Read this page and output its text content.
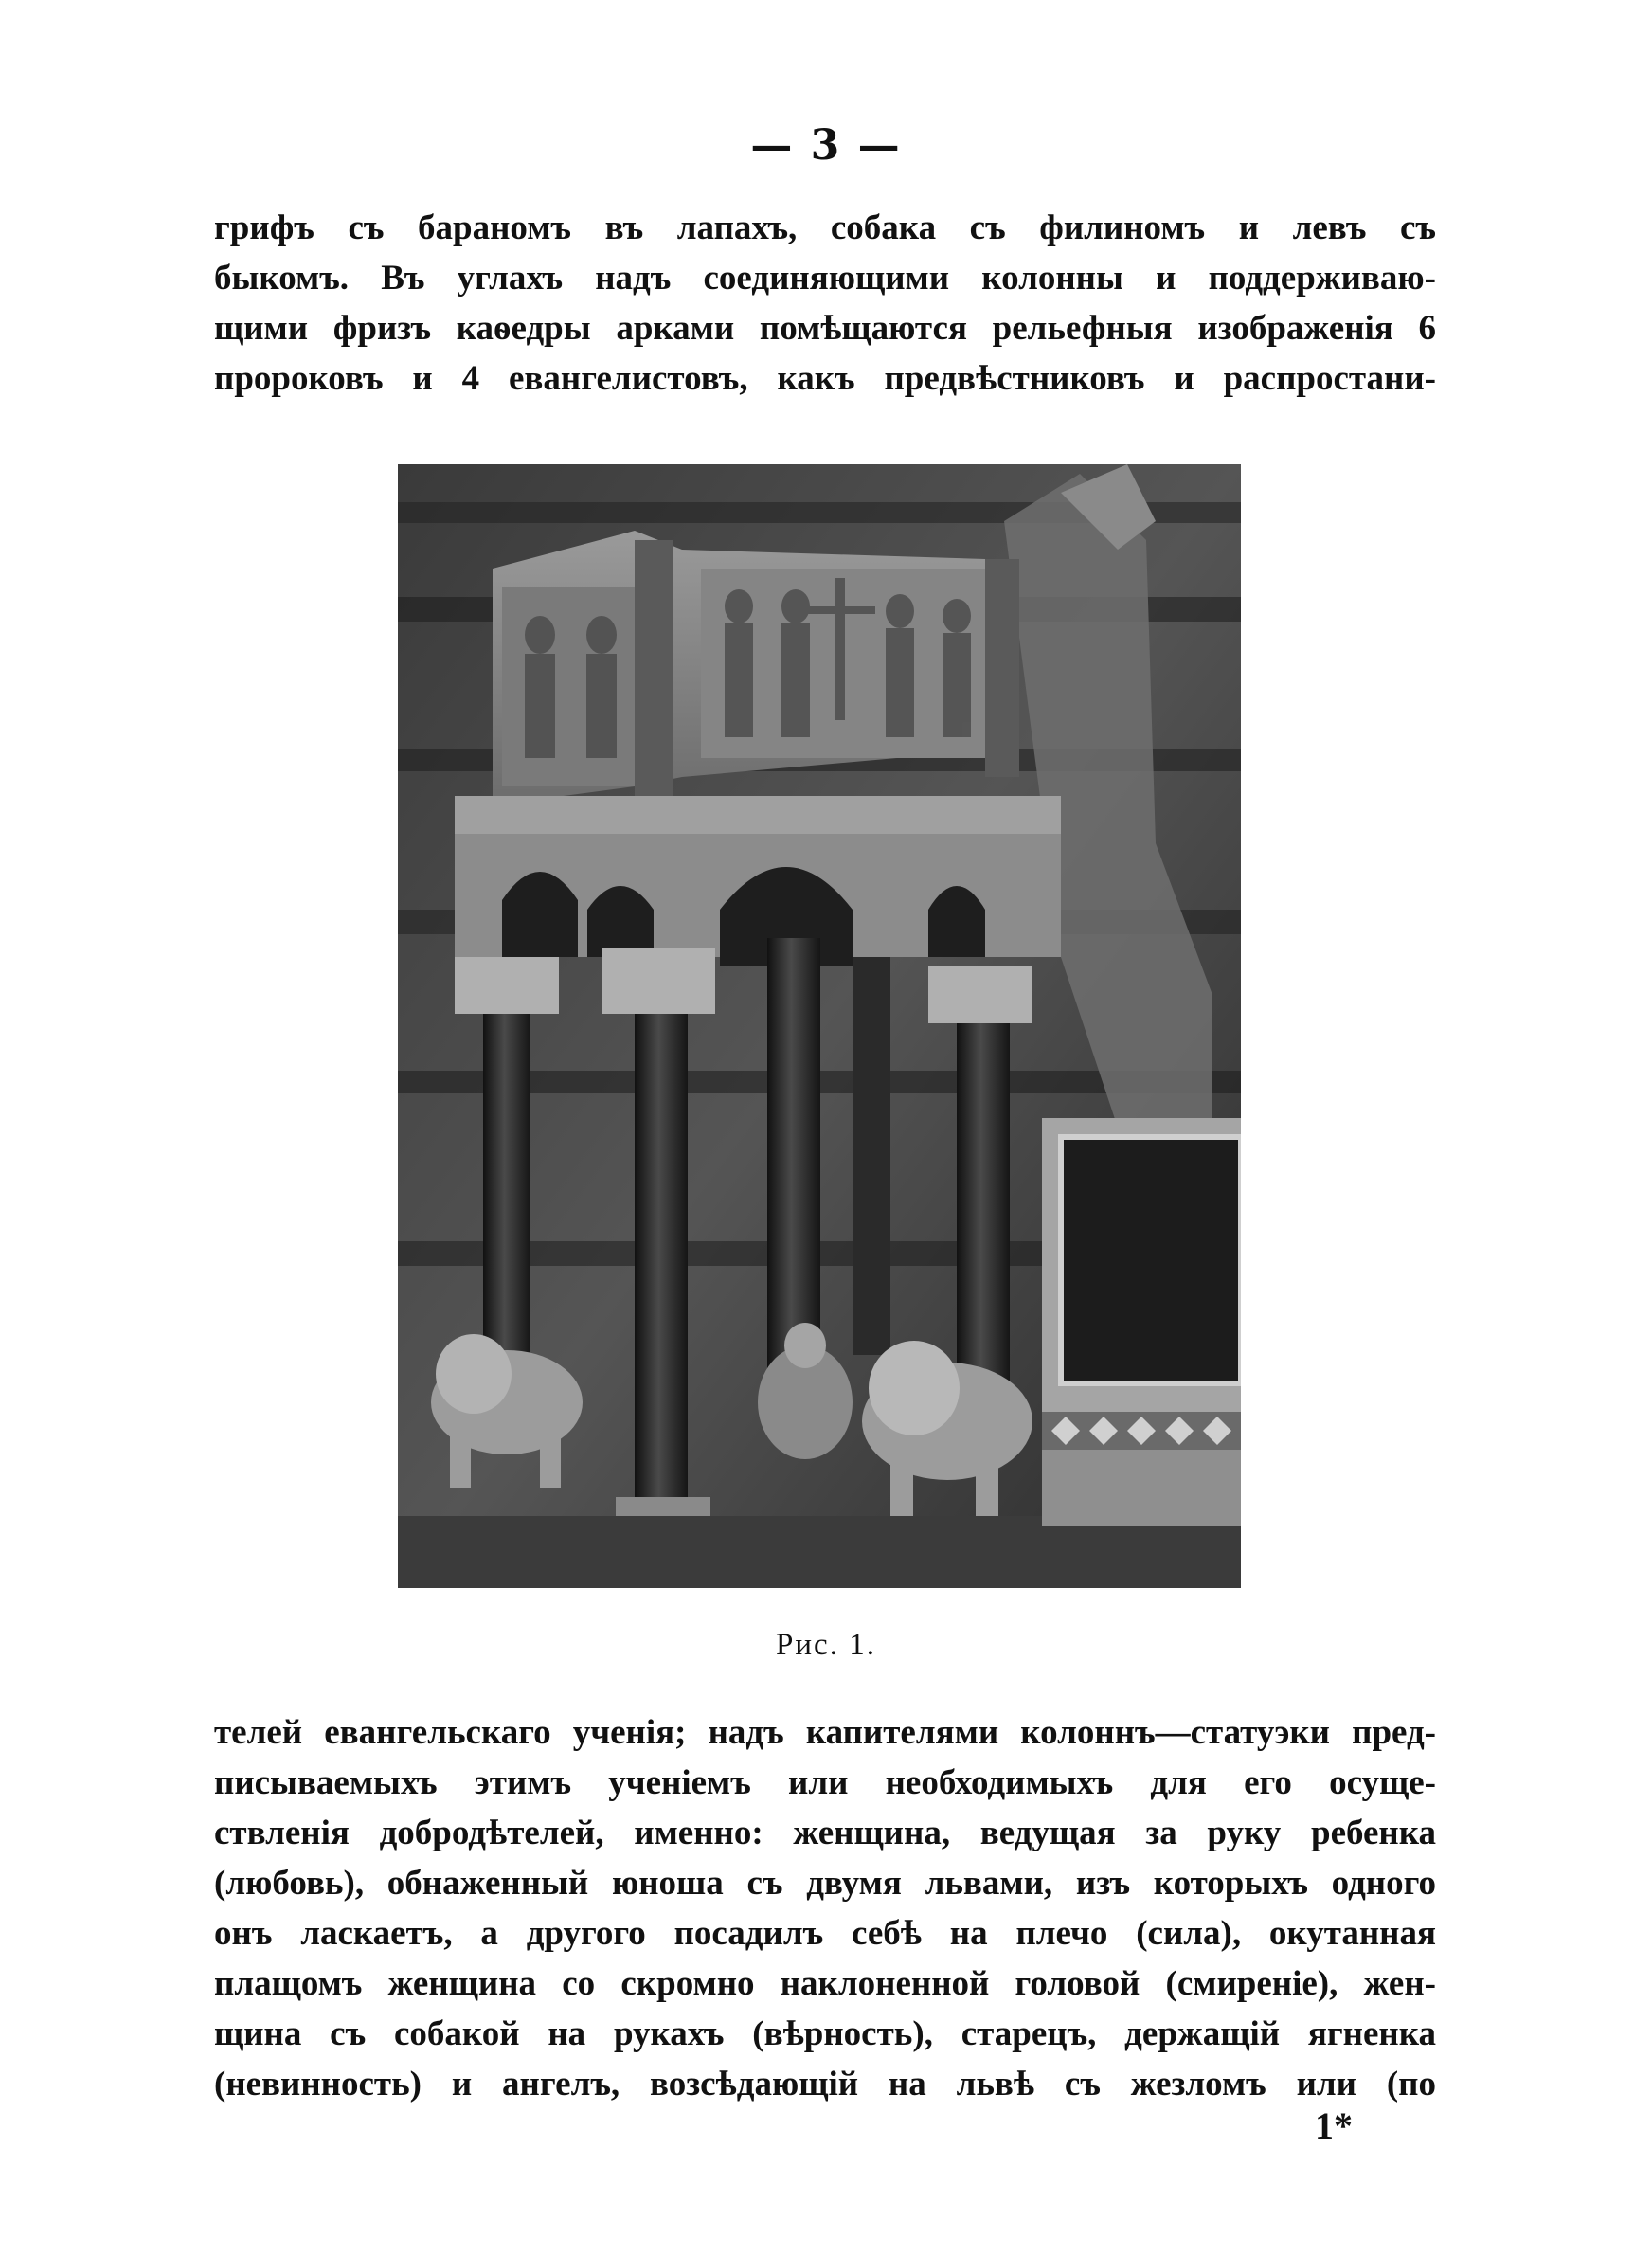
— 3 —
грифъ съ бараномъ въ лапахъ, собака съ филиномъ и левъ съ
быкомъ. Въ углахъ надъ соединяющими колонны и поддерживаю-
щими фризъ каѳедры арками помѣщаются рельефныя изображенія 6
пророковъ и 4 евангелистовъ, какъ предвѣстниковъ и распростани-
Рис. 1.
телей евангельскаго ученія; надъ капителями колоннъ—статуэки пред-
писываемыхъ этимъ ученіемъ или необходимыхъ для его осуще-
ствленія добродѣтелей, именно: женщина, ведущая за руку ребенка
(любовь), обнаженный юноша съ двумя львами, изъ которыхъ одного
онъ ласкаетъ, а другого посадилъ себѣ на плечо (сила), окутанная
плащомъ женщина со скромно наклоненной головой (смиреніе), жен-
щина съ собакой на рукахъ (вѣрность), старецъ, держащій ягненка
(невинность) и ангелъ, возсѣдающій на львѣ съ жезломъ или (по
1*
